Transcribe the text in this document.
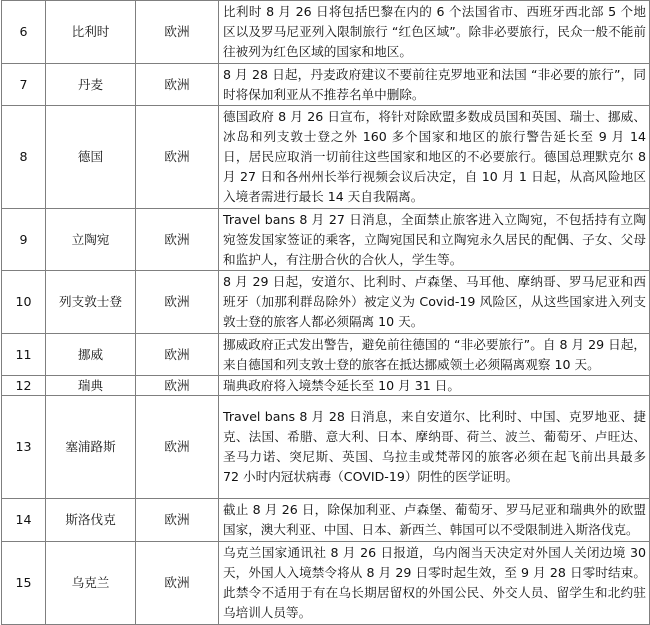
6	比利时	欧洲	比利时 8 月 26 日将包括巴黎在内的 6 个法国省市、西班牙西北部 5 个地区以及罗马尼亚列入限制旅行 “红色区域”。除非必要旅行，民众一般不能前往被列为红色区域的国家和地区。
7	丹麦	欧洲	8 月 28 日起，丹麦政府建议不要前往克罗地亚和法国 “非必要的旅行”，同时将保加利亚从不推荐名单中删除。
8	德国	欧洲	德国政府 8 月 26 日宣布，将针对除欧盟多数成员国和英国、瑞士、挪威、冰岛和列支敦士登之外 160 多个国家和地区的旅行警告延长至 9 月 14 日，居民应取消一切前往这些国家和地区的不必要旅行。德国总理默克尔 8 月 27 日和各州州长举行视频会议后决定，自 10 月 1 日起，从高风险地区入境者需进行最长 14 天自我隔离。
9	立陶宛	欧洲	Travel bans 8 月 27 日消息，全面禁止旅客进入立陶宛，不包括持有立陶宛签发国家签证的乘客，立陶宛国民和立陶宛永久居民的配偶、子女、父母和监护人，有注册合伙的合伙人，学生等。
10	列支敦士登	欧洲	8 月 29 日起，安道尔、比利时、卢森堡、马耳他、摩纳哥、罗马尼亚和西班牙（加那利群岛除外）被定义为 Covid-19 风险区，从这些国家进入列支敦士登的旅客人都必须隔离 10 天。
11	挪威	欧洲	挪威政府正式发出警告，避免前往德国的 “非必要旅行”。自 8 月 29 日起，来自德国和列支敦士登的旅客在抵达挪威领土必须隔离观察 10 天。
12	瑞典	欧洲	瑞典政府将入境禁令延长至 10 月 31 日。
13	塞浦路斯	欧洲	Travel bans 8 月 28 日消息，来自安道尔、比利时、中国、克罗地亚、捷克、法国、希腊、意大利、日本、摩纳哥、荷兰、波兰、葡萄牙、卢旺达、圣马力诺、突尼斯、英国、乌拉圭或梵蒂冈的旅客必须在起飞前出具最多 72 小时内冠状病毒（COVID-19）阴性的医学证明。
14	斯洛伐克	欧洲	截止 8 月 26 日，除保加利亚、卢森堡、葡萄牙、罗马尼亚和瑞典外的欧盟国家，澳大利亚、中国、日本、新西兰、韩国可以不受限制进入斯洛伐克。
15	乌克兰	欧洲	乌克兰国家通讯社 8 月 26 日报道，乌内阁当天决定对外国人关闭边境 30 天，外国人入境禁令将从 8 月 29 日零时起生效，至 9 月 28 日零时结束。此禁令不适用于有在乌长期居留权的外国公民、外交人员、留学生和北约驻乌培训人员等。
